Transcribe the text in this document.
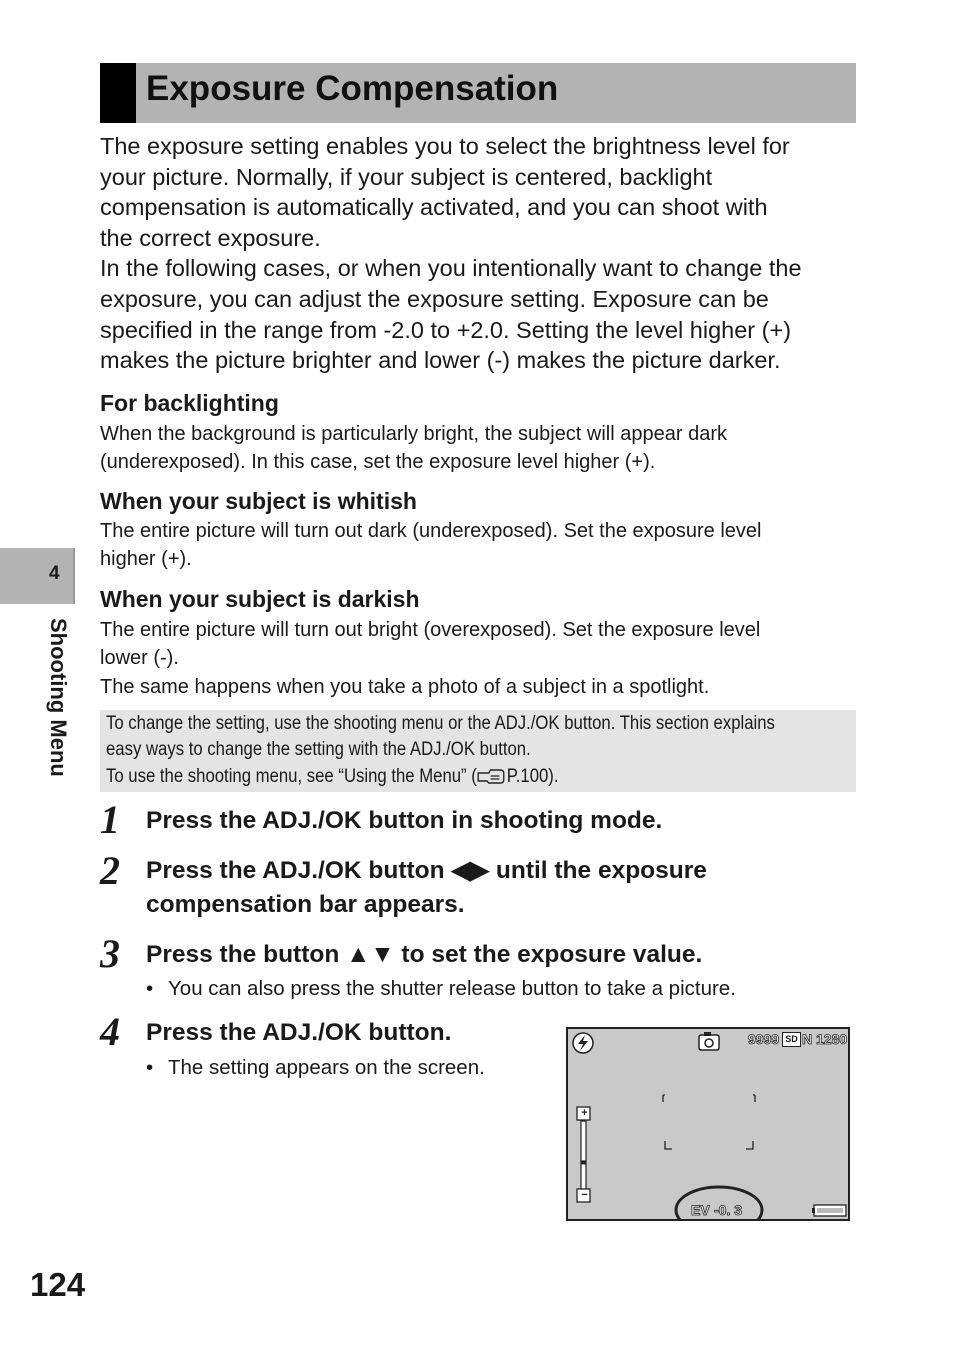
Exposure Compensation
The exposure setting enables you to select the brightness level for
your picture. Normally, if your subject is centered, backlight
compensation is automatically activated, and you can shoot with
the correct exposure.
In the following cases, or when you intentionally want to change the
exposure, you can adjust the exposure setting. Exposure can be
specified in the range from -2.0 to +2.0. Setting the level higher (+)
makes the picture brighter and lower (-) makes the picture darker.
For backlighting
When the background is particularly bright, the subject will appear dark
(underexposed). In this case, set the exposure level higher (+).
When your subject is whitish
The entire picture will turn out dark (underexposed). Set the exposure level
higher (+).
When your subject is darkish
The entire picture will turn out bright (overexposed). Set the exposure level
lower (-).
The same happens when you take a photo of a subject in a spotlight.
To change the setting, use the shooting menu or the ADJ./OK button. This section explains
easy ways to change the setting with the ADJ./OK button.
To use the shooting menu, see “Using the Menu” ( P.100).
1 Press the ADJ./OK button in shooting mode.
2 Press the ADJ./OK button ◀▶ until the exposure
compensation bar appears.
3 Press the button ▲▼ to set the exposure value.
• You can also press the shutter release button to take a picture.
4 Press the ADJ./OK button.
• The setting appears on the screen.
9999 SD N 1280
+
−
EV -0. 3
4
Shooting Menu
124
